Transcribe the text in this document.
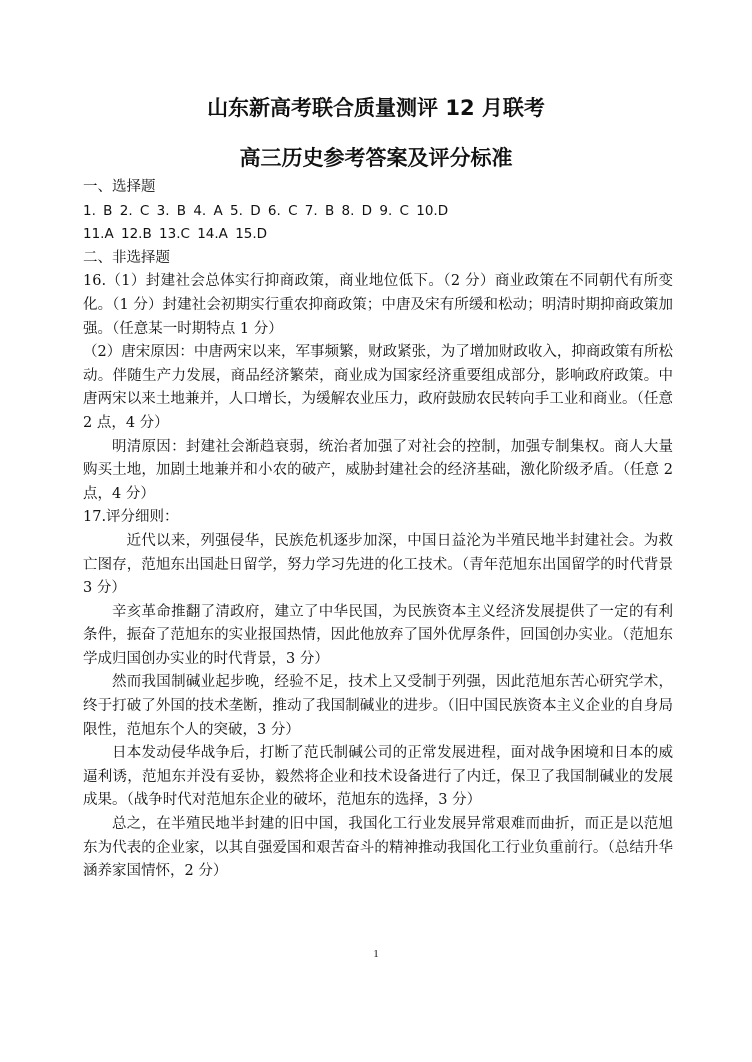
山东新高考联合质量测评 12 月联考
高三历史参考答案及评分标准

一、选择题

1. B 2. C 3. B 4. A 5. D 6. C 7. B 8. D 9. C 10.D

11.A 12.B 13.C 14.A 15.D

二、非选择题

16.（1）封建社会总体实行抑商政策，商业地位低下。（2 分）商业政策在不同朝代有所变化。（1 分）封建社会初期实行重农抑商政策；中唐及宋有所缓和松动；明清时期抑商政策加强。（任意某一时期特点 1 分）

（2）唐宋原因：中唐两宋以来，军事频繁，财政紧张，为了增加财政收入，抑商政策有所松动。伴随生产力发展，商品经济繁荣，商业成为国家经济重要组成部分，影响政府政策。中唐两宋以来土地兼并，人口增长，为缓解农业压力，政府鼓励农民转向手工业和商业。（任意 2 点，4 分）

明清原因：封建社会渐趋衰弱，统治者加强了对社会的控制，加强专制集权。商人大量购买土地，加剧土地兼并和小农的破产，威胁封建社会的经济基础，激化阶级矛盾。（任意 2 点，4 分）

17.评分细则：

近代以来，列强侵华，民族危机逐步加深，中国日益沦为半殖民地半封建社会。为救亡图存，范旭东出国赴日留学，努力学习先进的化工技术。（青年范旭东出国留学的时代背景 3 分）

辛亥革命推翻了清政府，建立了中华民国，为民族资本主义经济发展提供了一定的有利条件，振奋了范旭东的实业报国热情，因此他放弃了国外优厚条件，回国创办实业。（范旭东学成归国创办实业的时代背景，3 分）

然而我国制碱业起步晚，经验不足，技术上又受制于列强，因此范旭东苦心研究学术，终于打破了外国的技术垄断，推动了我国制碱业的进步。（旧中国民族资本主义企业的自身局限性，范旭东个人的突破，3 分）

日本发动侵华战争后，打断了范氏制碱公司的正常发展进程，面对战争困境和日本的威逼利诱，范旭东并没有妥协，毅然将企业和技术设备进行了内迁，保卫了我国制碱业的发展成果。（战争时代对范旭东企业的破坏，范旭东的选择，3 分）

总之，在半殖民地半封建的旧中国，我国化工行业发展异常艰难而曲折，而正是以范旭东为代表的企业家，以其自强爱国和艰苦奋斗的精神推动我国化工行业负重前行。（总结升华涵养家国情怀，2 分）

1
